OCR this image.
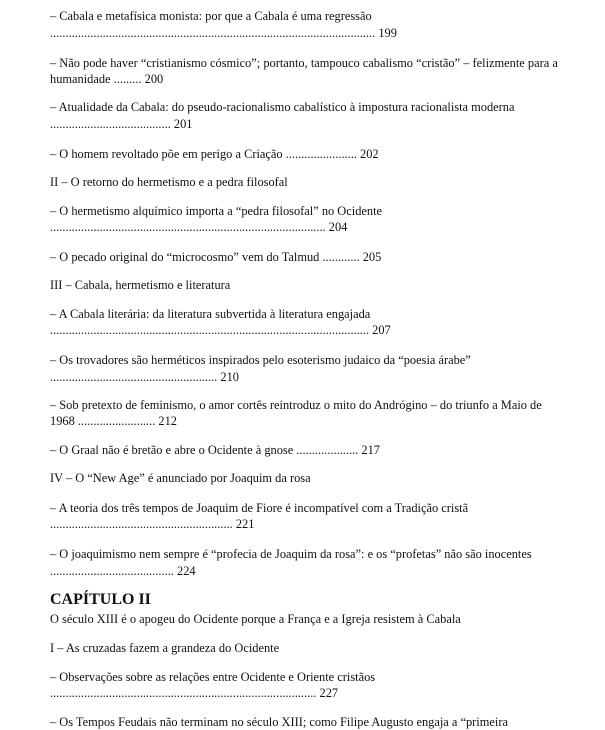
– Cabala e metafísica monista: por que a Cabala é uma regressão
......................................................................................................... 199
– Não pode haver “cristianismo cósmico”; portanto, tampouco cabalismo “cristão” – felizmente para a humanidade ......... 200
– Atualidade da Cabala: do pseudo-racionalismo cabalístico à impostura racionalista moderna
....................................... 201
– O homem revoltado põe em perigo a Criação ....................... 202
II – O retorno do hermetismo e a pedra filosofal
– O hermetismo alquímico importa a “pedra filosofal” no Ocidente
......................................................................................... 204
– O pecado original do “microcosmo” vem do Talmud ............ 205
III – Cabala, hermetismo e literatura
– A Cabala literária: da literatura subvertida à literatura engajada
....................................................................................................... 207
– Os trovadores são herméticos inspirados pelo esoterismo judaico da “poesia árabe”
...................................................... 210
– Sob pretexto de feminismo, o amor cortês reintroduz o mito do Andrógino – do triunfo a Maio de 1968 ......................... 212
– O Graal não é bretão e abre o Ocidente à gnose .................... 217
IV – O “New Age” é anunciado por Joaquim da rosa
– A teoria dos três tempos de Joaquim de Fiore é incompatível com a Tradição cristã
........................................................... 221
– O joaquimismo nem sempre é “profecia de Joaquim da rosa”: e os “profetas” não são inocentes
........................................ 224
CAPÍTULO II
O século XIII é o apogeu do Ocidente porque a França e a Igreja resistem à Cabala
I – As cruzadas fazem a grandeza do Ocidente
– Observações sobre as relações entre Ocidente e Oriente cristãos
...................................................................................... 227
– Os Tempos Feudais não terminam no século XIII; como Filipe Augusto engaja a “primeira
